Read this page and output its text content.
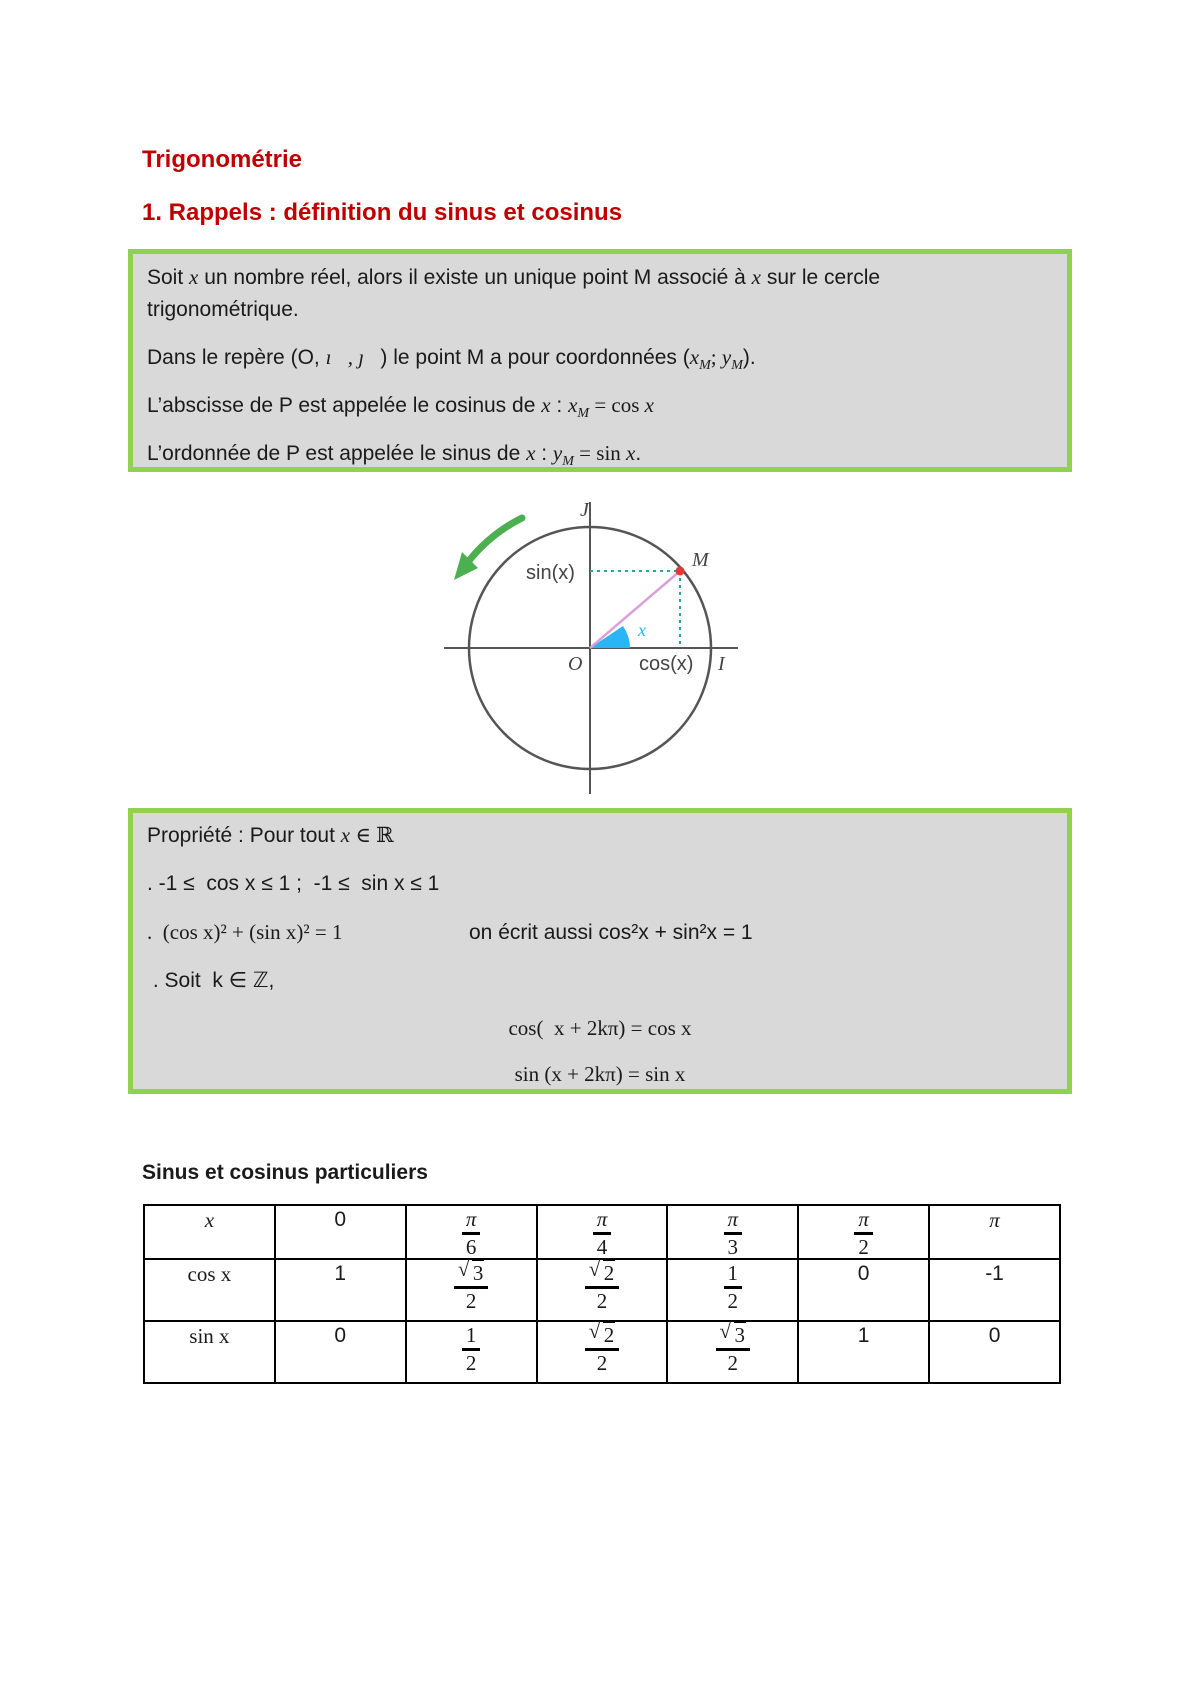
Trigonométrie
1. Rappels : définition du sinus et cosinus
Soit x un nombre réel, alors il existe un unique point M associé à x sur le cercle
trigonométrique.
Dans le repère (O, ı⃗, ȷ⃗) le point M a pour coordonnées ($x_M$; $y_M$).
L’abscisse de P est appelée le cosinus de x : $x_M = \cos x$
L’ordonnée de P est appelée le sinus de x : $y_M = \sin x$.
J
M
sin(x)
x
O	cos(x) I
Propriété : Pour tout x ∈ ℝ
. -1 ≤  cos x ≤ 1 ;  -1 ≤  sin x ≤ 1
.  (cos x)² + (sin x)² = 1	on écrit aussi cos²x + sin²x = 1
. Soit  k ∈ ℤ,
cos(  x + 2kπ) = cos x
sin (x + 2kπ) = sin x
Sinus et cosinus particuliers
x	0	$\frac{\pi}{6}$	$\frac{\pi}{4}$	$\frac{\pi}{3}$	$\frac{\pi}{2}$	π
cos x	1	√ $\frac{3}{2}$	√ $\frac{2}{2}$	$\frac{1}{2}$	0	-1
sin x	0	$\frac{1}{2}$	√ $\frac{2}{2}$	√ $\frac{3}{2}$	1	0
